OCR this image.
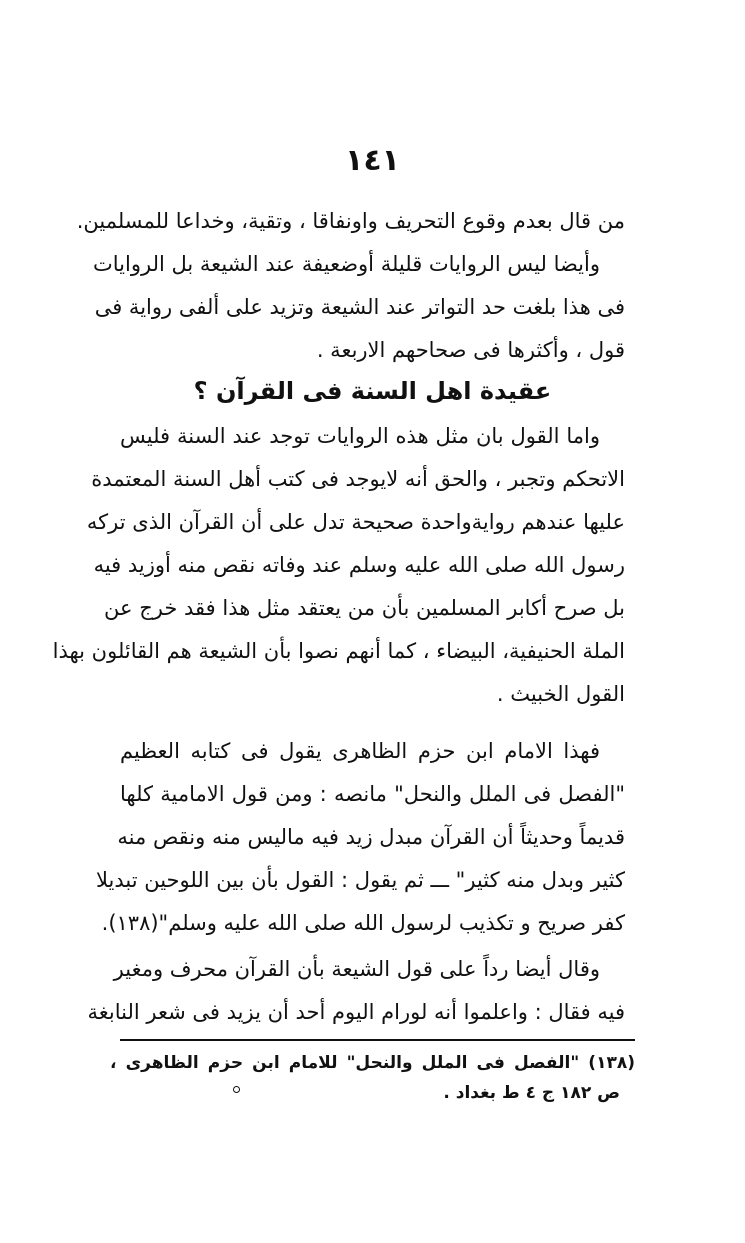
١٤١
من قال بعدم وقوع التحريف واونفاقا ، وتقية، وخداعا للمسلمين.
وأيضا ليس الروايات قليلة أوضعيفة عند الشيعة بل الروايات
فى هذا بلغت حد التواتر عند الشيعة وتزيد على ألفى رواية فى
قول ، وأكثرها فى صحاحهم الاربعة .
عقيدة اهل السنة فى القرآن ؟
واما القول بان مثل هذه الروايات توجد عند السنة فليس
الاتحكم وتجبر ، والحق أنه لايوجد فى كتب أهل السنة المعتمدة
عليها عندهم روايةواحدة صحيحة تدل على أن القرآن الذى تركه
رسول الله صلى الله عليه وسلم عند وفاته نقص منه أوزيد فيه
بل صرح أكابر المسلمين بأن من يعتقد مثل هذا فقد خرج عن
الملة الحنيفية، البيضاء ، كما أنهم نصوا بأن الشيعة هم القائلون بهذا
القول الخبيث .
فهذا الامام ابن حزم الظاهرى يقول فى كتابه العظيم
"الفصل فى الملل والنحل" مانصه : ومن قول الامامية كلها
قديماً وحديثاً أن القرآن مبدل زيد فيه ماليس منه ونقص منه
كثير وبدل منه كثير" ـــ ثم يقول : القول بأن بين اللوحين تبديلا
كفر صريح و تكذيب لرسول الله صلى الله عليه وسلم"(١٣٨).
وقال أيضا رداً على قول الشيعة بأن القرآن محرف ومغير
فيه فقال : واعلموا أنه لورام اليوم أحد أن يزيد فى شعر النابغة
(١٣٨) "الفصل فى الملل والنحل" للامام ابن حزم الظاهرى ،
ص ١٨٢ ج ٤ ط بغداد .
